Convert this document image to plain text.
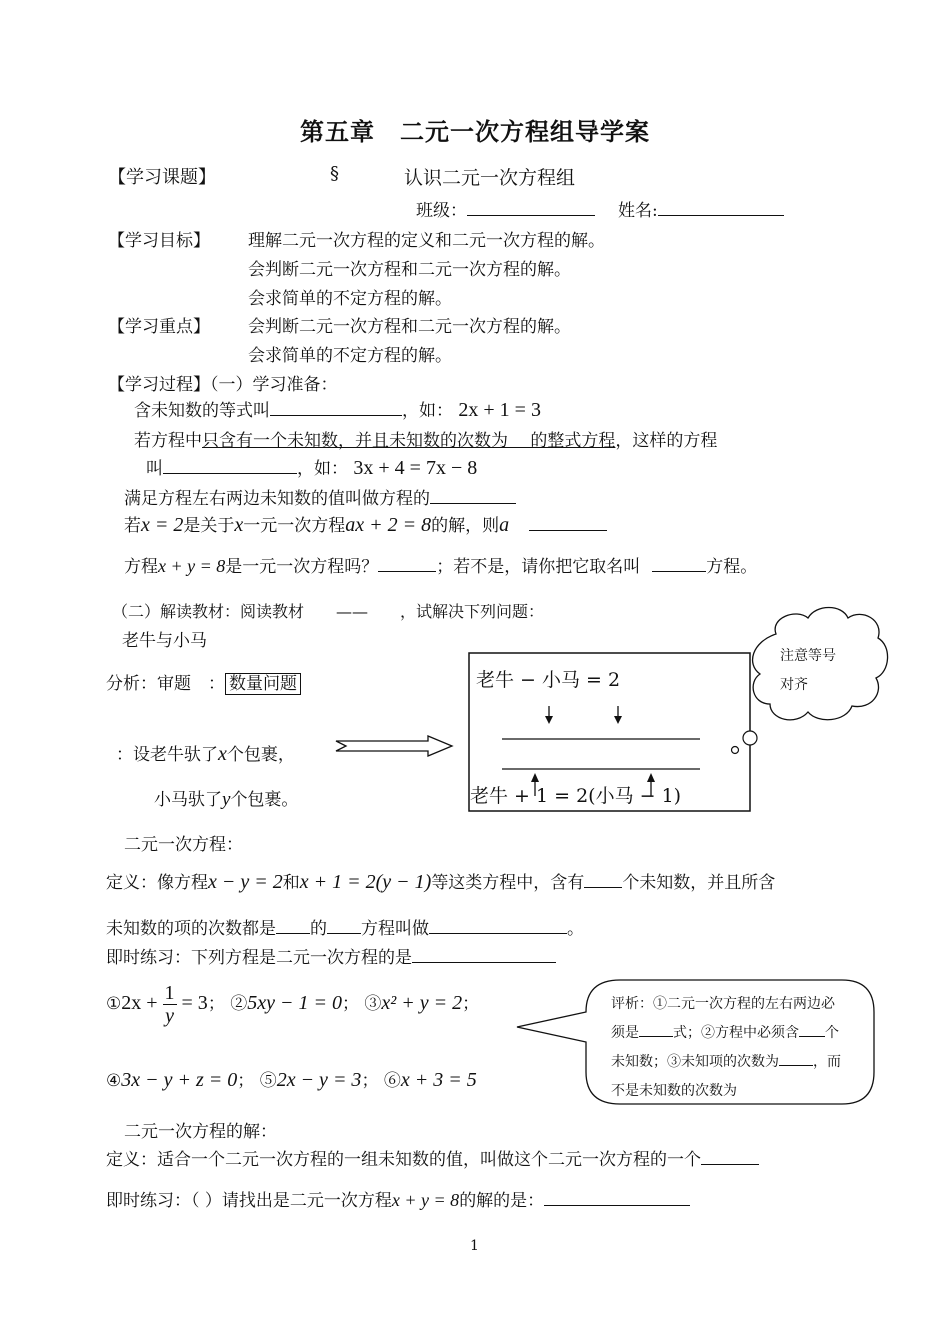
第五章　二元一次方程组导学案
【学习课题】	§	认识二元一次方程组
班级：	姓名:
【学习目标】 理解二元一次方程的定义和二元一次方程的解。
会判断二元一次方程和二元一次方程的解。
会求简单的不定方程的解。
【学习重点】 会判断二元一次方程和二元一次方程的解。
会求简单的不定方程的解。
【学习过程】（一）学习准备：
含未知数的等式叫	，如： 2x + 1 = 3
若方程中只含有一个未知数，并且未知数的次数为　 的整式方程，这样的方程
叫	，如： 3x + 4 = 7x − 8
满足方程左右两边未知数的值叫做方程的
若x = 2是关于x一元一次方程ax + 2 = 8的解，则a
方程x + y = 8是一元一次方程吗？	；若不是，请你把它取名叫	方程。
（二）解读教材：阅读教材　　——　　，试解决下列问题：
老牛与小马
分析：审题　： 数量问题
：设老牛驮了x个包裹，
小马驮了y个包裹。
老牛 − 小马 = 2
老牛 + 1 = 2(小马 − 1)
注意等号
对齐
二元一次方程：
定义：像方程x − y = 2和x + 1 = 2(y − 1)等这类方程中，含有 个未知数，并且所含
未知数的项的次数都是 的 方程叫做	。
即时练习：下列方程是二元一次方程的是
①2x + $\frac{1}{y} = 3$； ②5xy − 1 = 0； ③x² + y = 2；
④3x − y + z = 0； ⑤2x − y = 3； ⑥x + 3 = 5
评析：①二元一次方程的左右两边必
须是 式；②方程中必须含 个
未知数；③未知项的次数为 ，而
不是未知数的次数为
二元一次方程的解：
定义：适合一个二元一次方程的一组未知数的值，叫做这个二元一次方程的一个
即时练习：（ ）请找出是二元一次方程x + y = 8的解的是：
1
